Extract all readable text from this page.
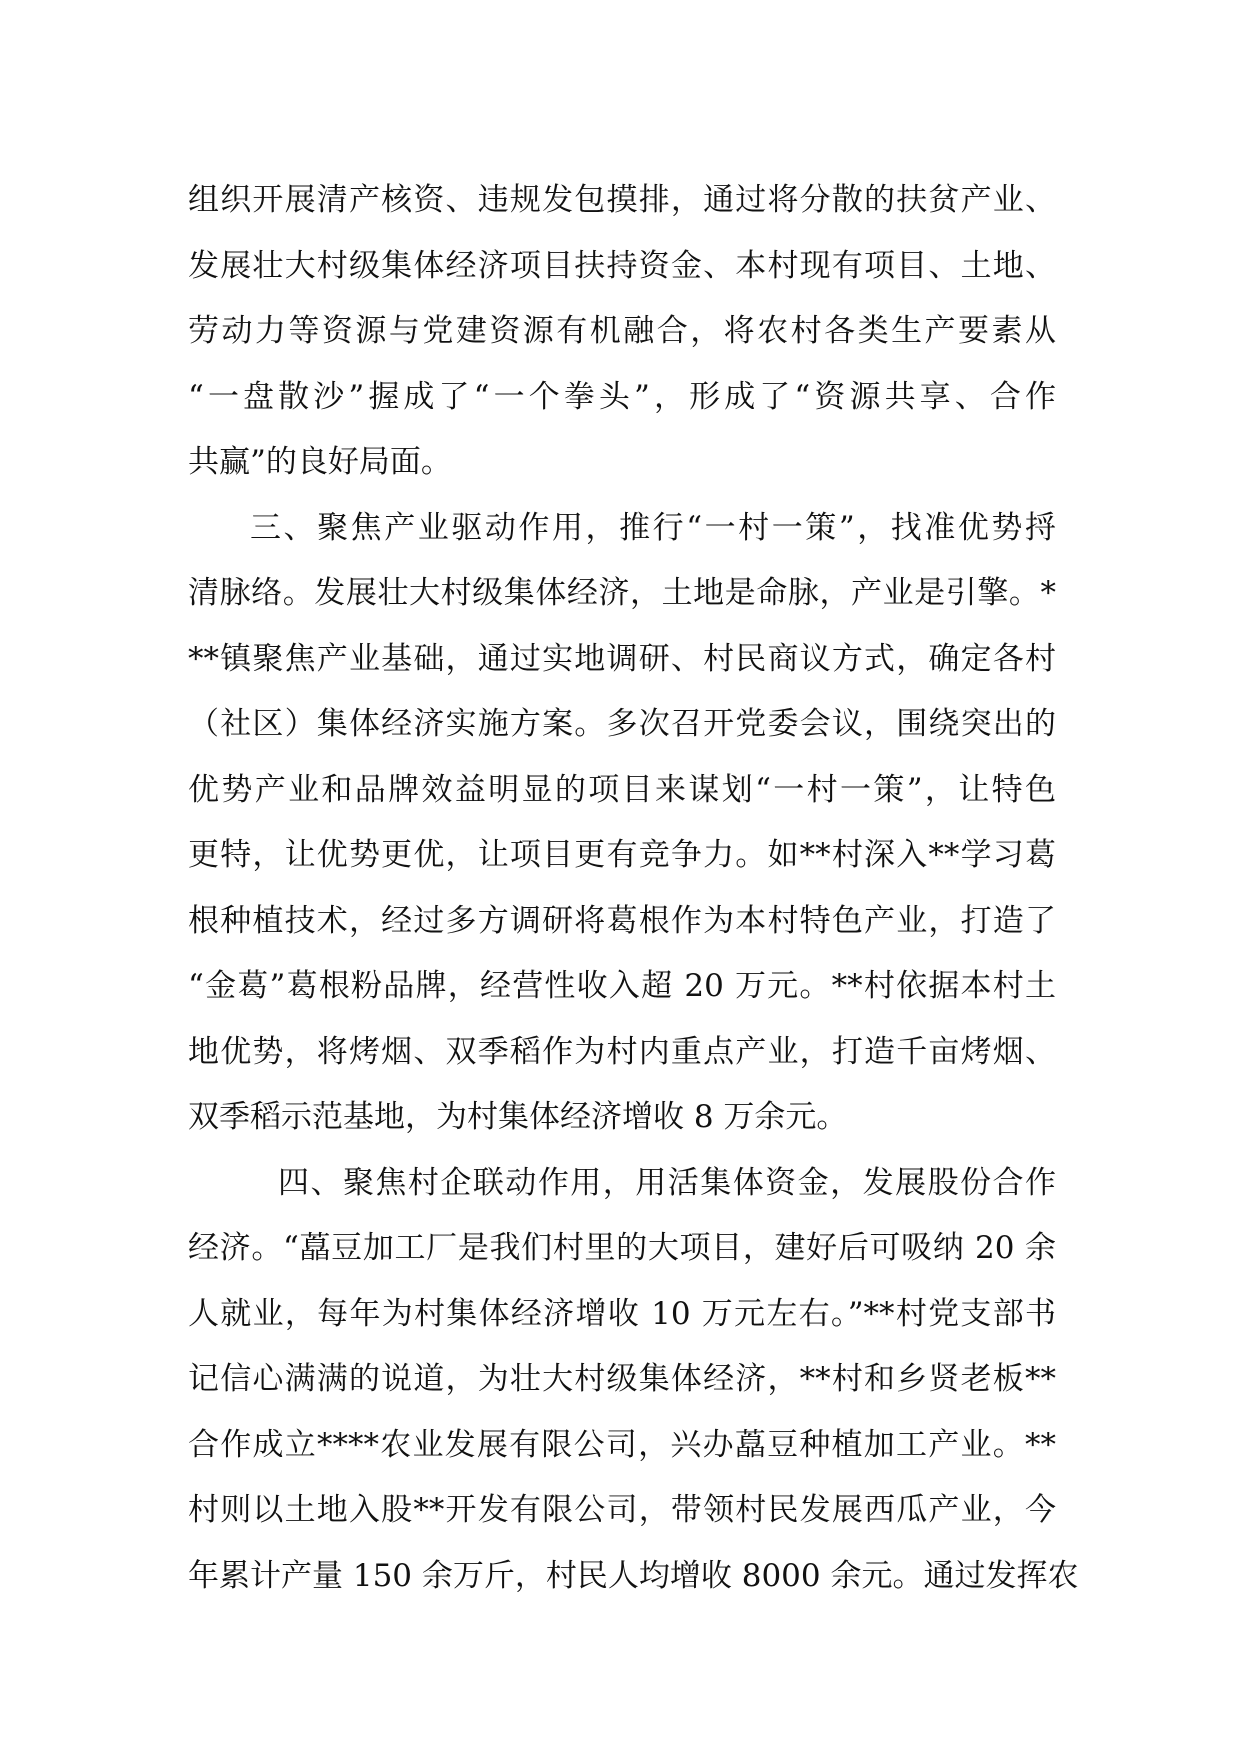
组织开展清产核资、违规发包摸排，通过将分散的扶贫产业、
发展壮大村级集体经济项目扶持资金、本村现有项目、土地、
劳动力等资源与党建资源有机融合，将农村各类生产要素从
“一盘散沙”握成了“一个拳头”，形成了“资源共享、合作
共赢”的良好局面。
三、聚焦产业驱动作用，推行“一村一策”，找准优势捋
清脉络。发展壮大村级集体经济，土地是命脉，产业是引擎。*
**镇聚焦产业基础，通过实地调研、村民商议方式，确定各村
（社区）集体经济实施方案。多次召开党委会议，围绕突出的
优势产业和品牌效益明显的项目来谋划“一村一策”，让特色
更特，让优势更优，让项目更有竞争力。如**村深入**学习葛
根种植技术，经过多方调研将葛根作为本村特色产业，打造了
“金葛”葛根粉品牌，经营性收入超 20 万元。**村依据本村土
地优势，将烤烟、双季稻作为村内重点产业，打造千亩烤烟、
双季稻示范基地，为村集体经济增收 8 万余元。
四、聚焦村企联动作用，用活集体资金，发展股份合作
经济。“藠豆加工厂是我们村里的大项目，建好后可吸纳 20 余
人就业，每年为村集体经济增收 10 万元左右。”**村党支部书
记信心满满的说道，为壮大村级集体经济，**村和乡贤老板**
合作成立****农业发展有限公司，兴办藠豆种植加工产业。**
村则以土地入股**开发有限公司，带领村民发展西瓜产业，今
年累计产量 150 余万斤，村民人均增收 8000 余元。通过发挥农
